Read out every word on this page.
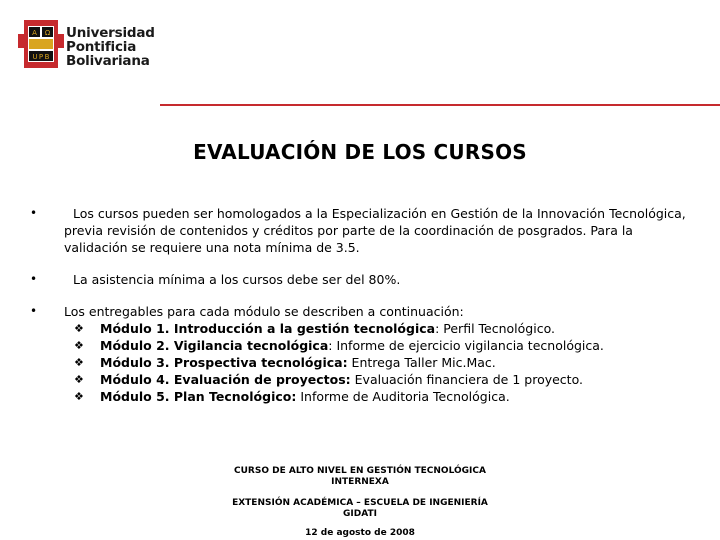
A Ω
U P B
Universidad
Pontificia
Bolivariana
EVALUACIÓN DE LOS CURSOS
•	Los cursos pueden ser homologados a la Especialización en Gestión de la Innovación Tecnológica,
previa revisión de contenidos y créditos por parte de la coordinación de posgrados. Para la
validación se requiere una nota mínima de 3.5.
•	La asistencia mínima a los cursos debe ser del 80%.
• Los entregables para cada módulo se describen a continuación:
❖ Módulo 1. Introducción a la gestión tecnológica: Perfil Tecnológico.
❖ Módulo 2. Vigilancia tecnológica: Informe de ejercicio vigilancia tecnológica.
❖ Módulo 3. Prospectiva tecnológica: Entrega Taller Mic.Mac.
❖ Módulo 4. Evaluación de proyectos: Evaluación financiera de 1 proyecto.
❖ Módulo 5. Plan Tecnológico: Informe de Auditoria Tecnológica.
CURSO DE ALTO NIVEL EN GESTIÓN TECNOLÓGICA
INTERNEXA
EXTENSIÓN ACADÉMICA – ESCUELA DE INGENIERÍA
GIDATI
12 de agosto de 2008
